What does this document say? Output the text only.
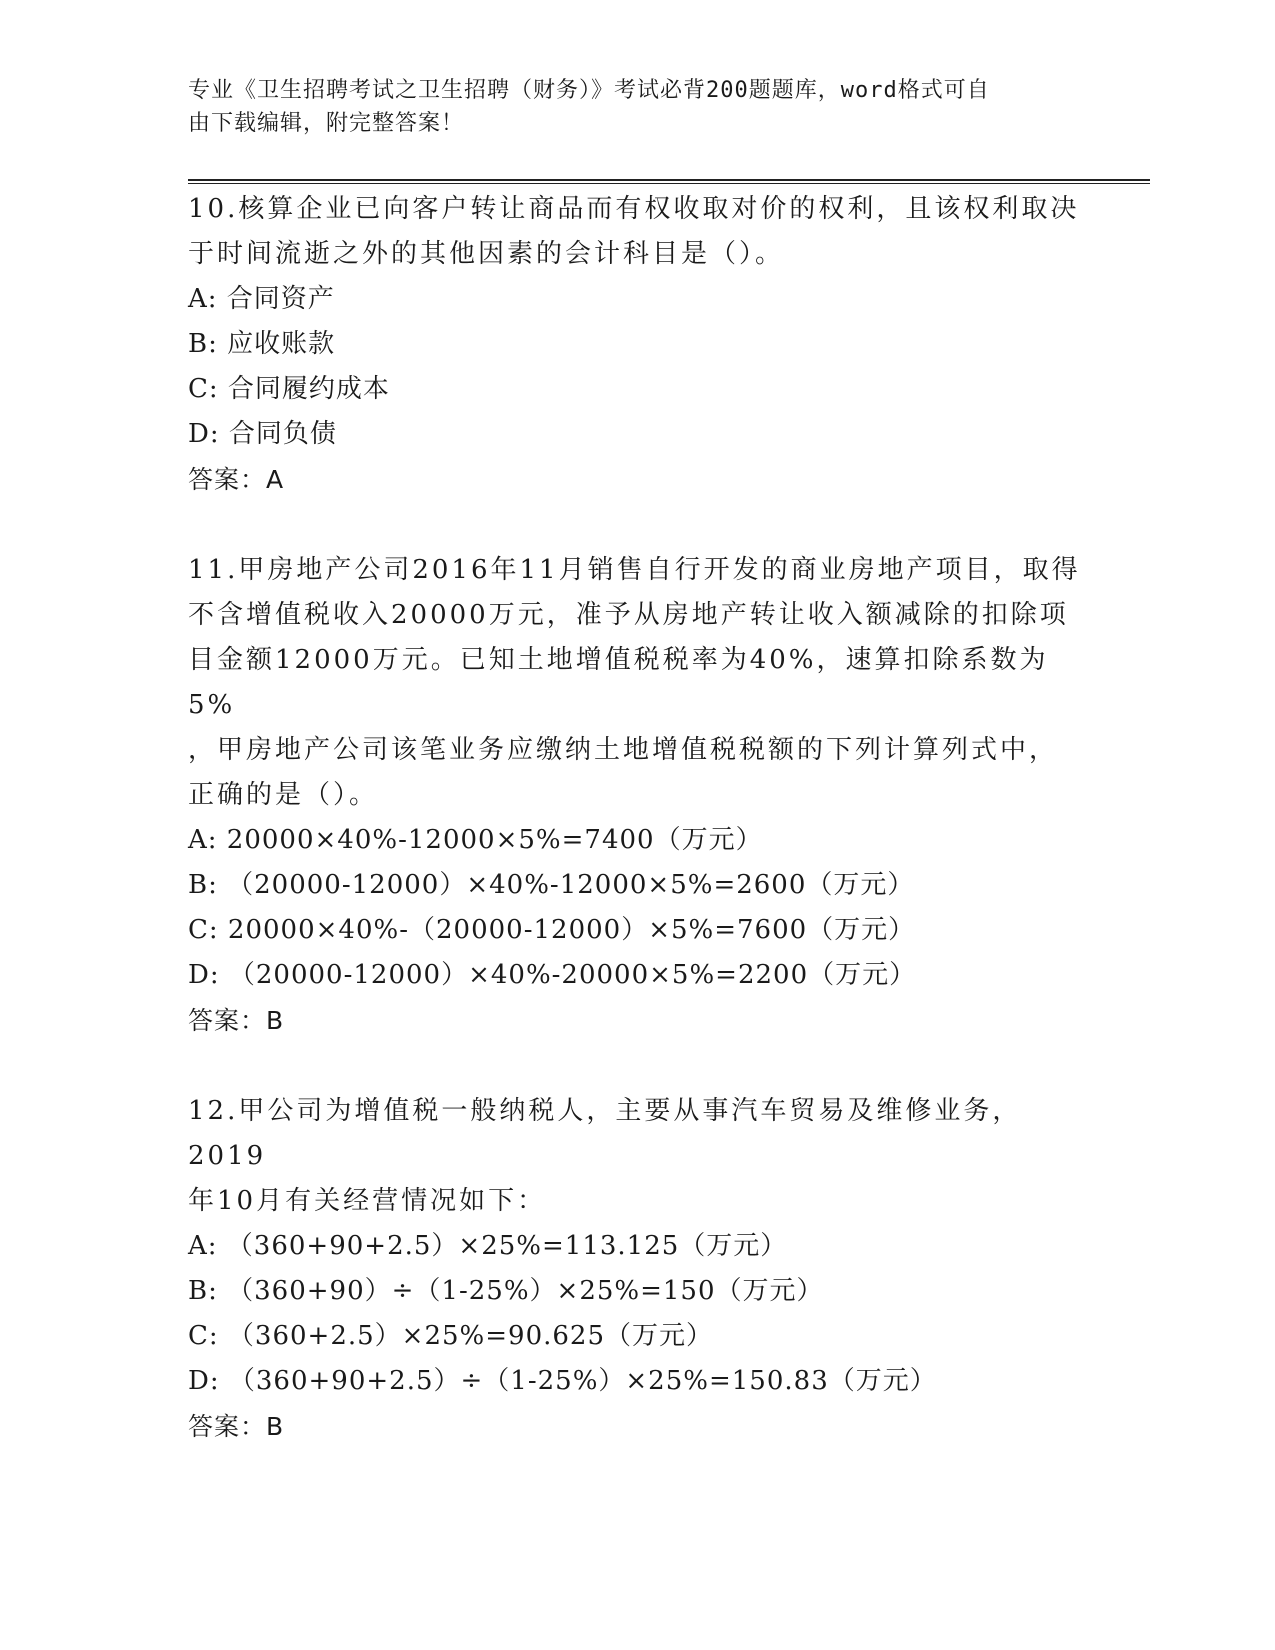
专业《卫生招聘考试之卫生招聘（财务）》考试必背200题题库，word格式可自
由下载编辑，附完整答案！

10.核算企业已向客户转让商品而有权收取对价的权利，且该权利取决

于时间流逝之外的其他因素的会计科目是（）。

A: 合同资产

B: 应收账款

C: 合同履约成本

D: 合同负债

答案：A

11.甲房地产公司2016年11月销售自行开发的商业房地产项目，取得

不含增值税收入20000万元，准予从房地产转让收入额减除的扣除项

目金额12000万元。已知土地增值税税率为40%，速算扣除系数为5%

，甲房地产公司该笔业务应缴纳土地增值税税额的下列计算列式中，

正确的是（）。

A: 20000×40%-12000×5%=7400（万元）

B: （20000-12000）×40%-12000×5%=2600（万元）

C: 20000×40%-（20000-12000）×5%=7600（万元）

D: （20000-12000）×40%-20000×5%=2200（万元）

答案：B

12.甲公司为增值税一般纳税人，主要从事汽车贸易及维修业务，2019

年10月有关经营情况如下：

A: （360+90+2.5）×25%=113.125（万元）

B: （360+90）÷（1-25%）×25%=150（万元）

C: （360+2.5）×25%=90.625（万元）

D: （360+90+2.5）÷（1-25%）×25%=150.83（万元）

答案：B
